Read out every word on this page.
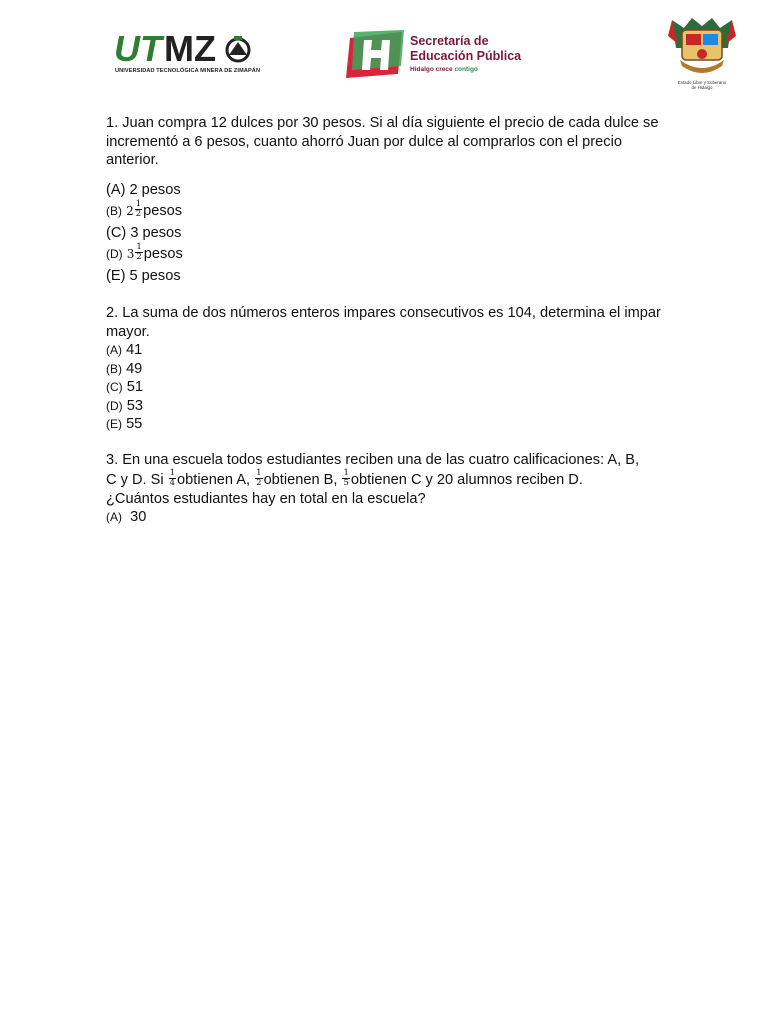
UT MZ
UNIVERSIDAD TECNOLÓGICA MINERA DE ZIMAPÁN
Secretaría de
Educación Pública
Hidalgo crece contigo
Estado Libre y Soberano
de Hidalgo

1. Juan compra 12 dulces por 30 pesos. Si al día siguiente el precio de cada dulce se incrementó a 6 pesos, cuanto ahorró Juan por dulce al comprarlos con el precio anterior.

(A) 2 pesos
(B) $2 \frac{1}{2}$ pesos
(C) 3 pesos
(D) $3 \frac{1}{2}$ pesos
(E) 5 pesos

2. La suma de dos números enteros impares consecutivos es 104, determina el impar mayor.

(A) 41
(B) 49
(C) 51
(D) 53
(E) 55
3. En una escuela todos estudiantes reciben una de las cuatro calificaciones: A, B,
C y D. Si $\frac{1}{4}$ obtienen A, $\frac{1}{2}$ obtienen B, $\frac{1}{5}$ obtienen C y 20 alumnos reciben D.
¿Cuántos estudiantes hay en total en la escuela?
(A) 30
